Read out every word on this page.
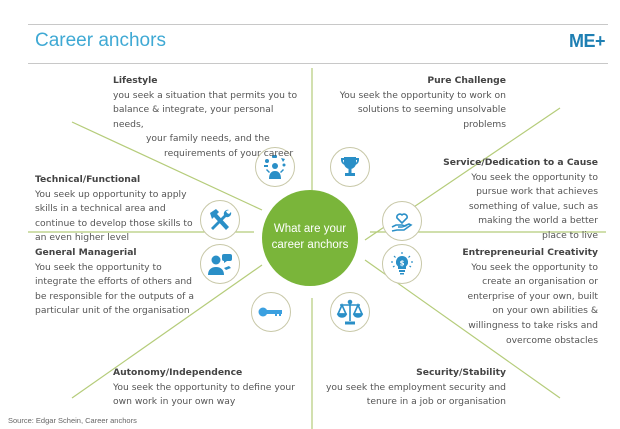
Career anchors	ME+
What are your
career anchors
$
Lifestyle
you seek a situation that permits you to
balance & integrate, your personal needs,
your family needs, and the
requirements of your career
Pure Challenge
You seek the opportunity to work on
solutions to seeming unsolvable problems
Technical/Functional
You seek up opportunity to apply
skills in a technical area and
continue to develop those skills to
an even higher level
Service/Dedication to a Cause
You seek the opportunity to
pursue work that achieves
something of value, such as
making the world a better
place to live
General Managerial
You seek the opportunity to
integrate the efforts of others and
be responsible for the outputs of a
particular unit of the organisation
Entrepreneurial Creativity
You seek the opportunity to
create an organisation or
enterprise of your own, built
on your own abilities &
willingness to take risks and
overcome obstacles
Autonomy/Independence
You seek the opportunity to define your
own work in your own way
Security/Stability
you seek the employment security and
tenure in a job or organisation
Source: Edgar Schein, Career anchors
